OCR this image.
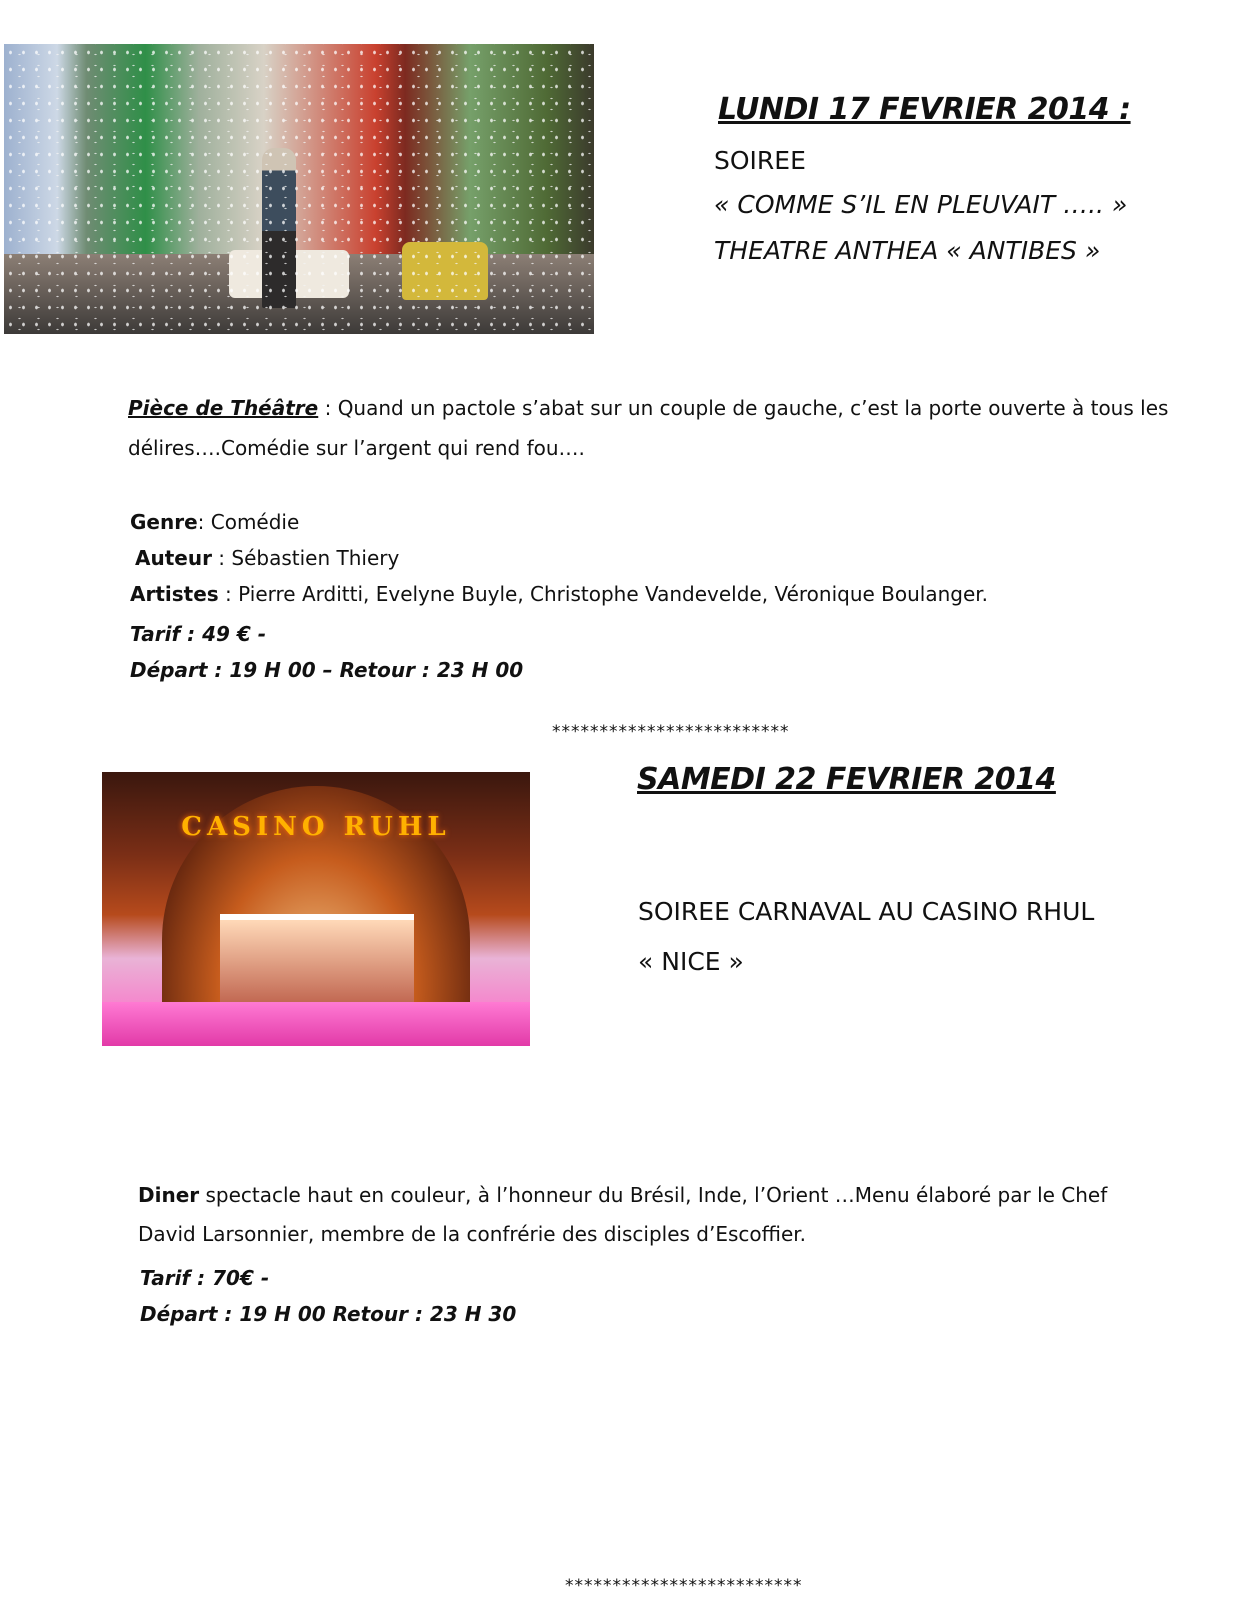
LUNDI 17 FEVRIER 2014 :
SOIREE
« COMME S’IL EN PLEUVAIT ….. »
THEATRE ANTHEA « ANTIBES »
Pièce de Théâtre : Quand un pactole s’abat sur un couple de gauche, c’est la porte ouverte à tous les
délires….Comédie sur l’argent qui rend fou….
Genre: Comédie
Auteur : Sébastien Thiery
Artistes : Pierre Arditti, Evelyne Buyle, Christophe Vandevelde, Véronique Boulanger.
Tarif : 49 € -
Départ : 19 H 00 – Retour : 23 H 00
*************************
CASINO RUHL
SAMEDI 22 FEVRIER 2014
SOIREE CARNAVAL AU CASINO RHUL
« NICE »
Diner spectacle haut en couleur, à l’honneur du Brésil, Inde, l’Orient …Menu élaboré par le Chef
David Larsonnier, membre de la confrérie des disciples d’Escoffier.
Tarif : 70€ -
Départ : 19 H 00 Retour : 23 H 30
*************************
